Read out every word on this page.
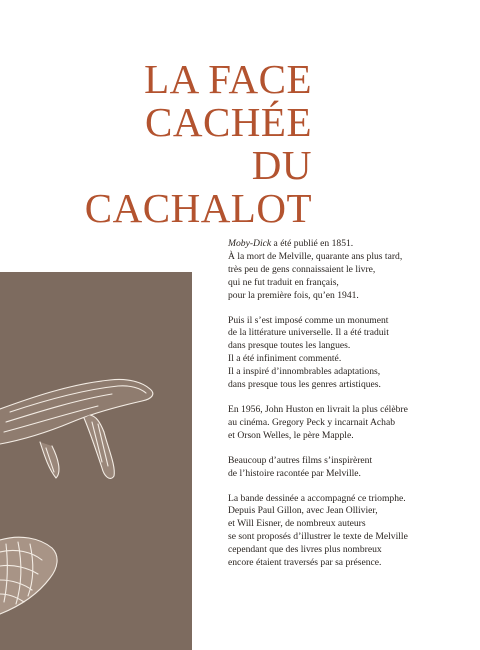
LA FACE
CACHÉE
DU
CACHALOT

Moby-Dick a été publié en 1851.
À la mort de Melville, quarante ans plus tard,
très peu de gens connaissaient le livre,
qui ne fut traduit en français,
pour la première fois, qu’en 1941.

Puis il s’est imposé comme un monument
de la littérature universelle. Il a été traduit
dans presque toutes les langues.
Il a été infiniment commenté.
Il a inspiré d’innombrables adaptations,
dans presque tous les genres artistiques.

En 1956, John Huston en livrait la plus célèbre
au cinéma. Gregory Peck y incarnait Achab
et Orson Welles, le père Mapple.

Beaucoup d’autres films s’inspirèrent
de l’histoire racontée par Melville.

La bande dessinée a accompagné ce triomphe.
Depuis Paul Gillon, avec Jean Ollivier,
et Will Eisner, de nombreux auteurs
se sont proposés d’illustrer le texte de Melville
cependant que des livres plus nombreux
encore étaient traversés par sa présence.
